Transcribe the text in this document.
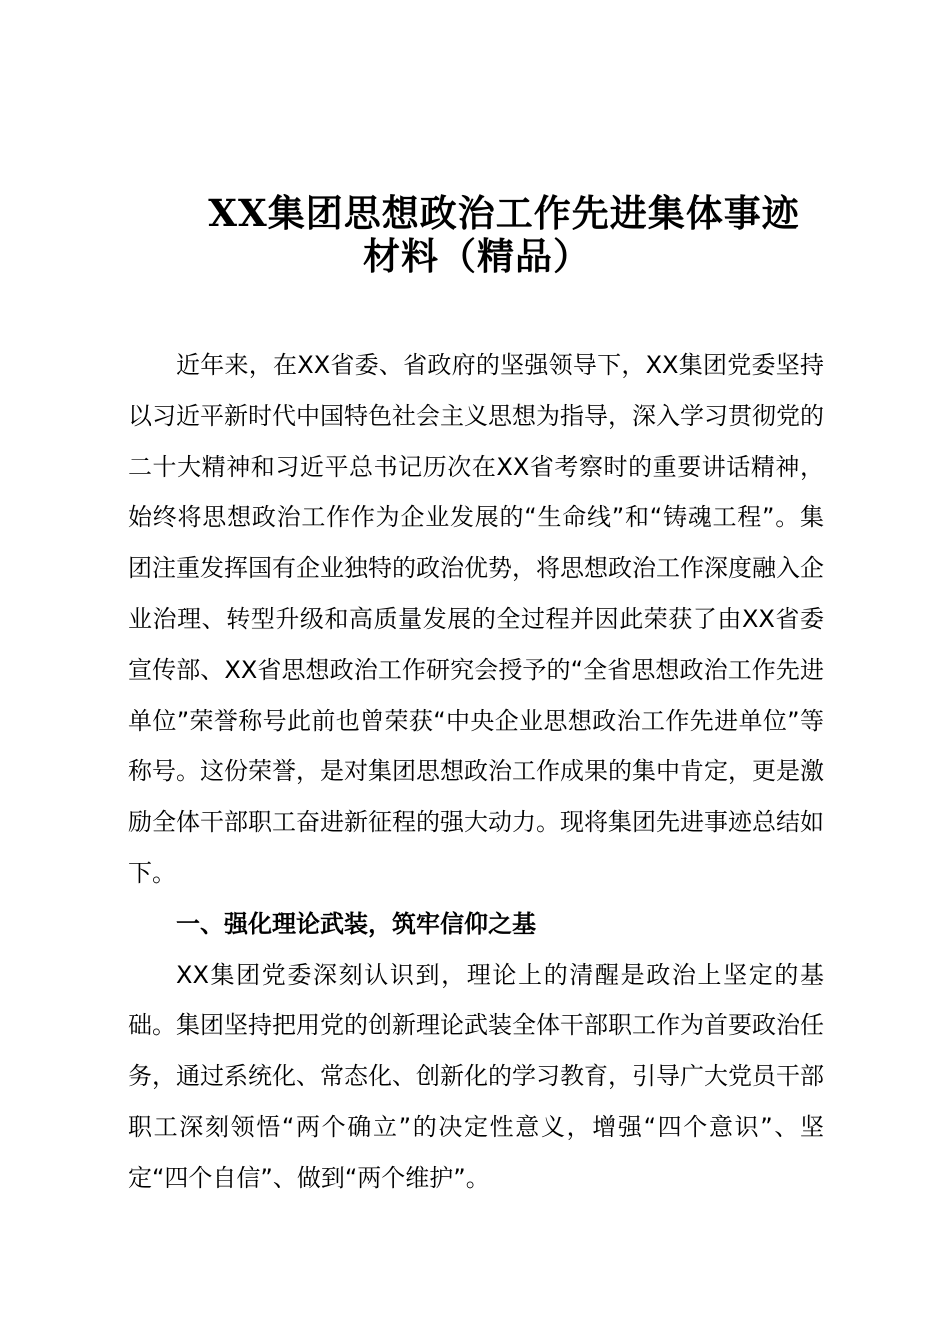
XX集团思想政治工作先进集体事迹
材料（精品）

近年来，在XX省委、省政府的坚强领导下，XX集团党委坚持以习近平新时代中国特色社会主义思想为指导，深入学习贯彻党的二十大精神和习近平总书记历次在XX省考察时的重要讲话精神，始终将思想政治工作作为企业发展的“生命线”和“铸魂工程”。集团注重发挥国有企业独特的政治优势，将思想政治工作深度融入企业治理、转型升级和高质量发展的全过程并因此荣获了由XX省委宣传部、XX省思想政治工作研究会授予的“全省思想政治工作先进单位”荣誉称号此前也曾荣获“中央企业思想政治工作先进单位”等称号。这份荣誉，是对集团思想政治工作成果的集中肯定，更是激励全体干部职工奋进新征程的强大动力。现将集团先进事迹总结如下。

一、强化理论武装，筑牢信仰之基

XX集团党委深刻认识到，理论上的清醒是政治上坚定的基础。集团坚持把用党的创新理论武装全体干部职工作为首要政治任务，通过系统化、常态化、创新化的学习教育，引导广大党员干部职工深刻领悟“两个确立”的决定性意义，增强“四个意识”、坚定“四个自信”、做到“两个维护”。
